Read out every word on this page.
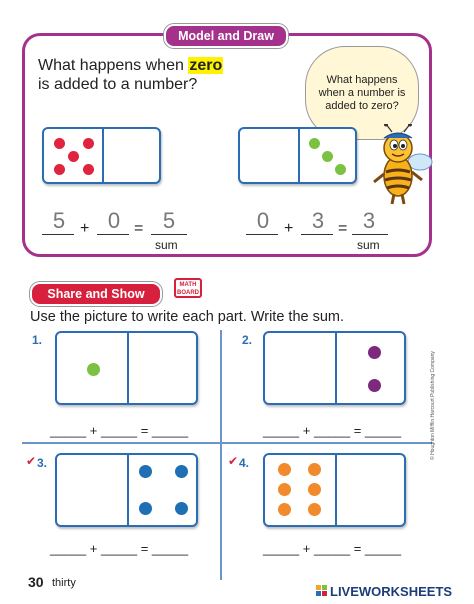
Model and Draw
What happens when zero
is added to a number?	What happens when a number is added to zero?
5 + 0 = 5
sum
0 + 3 = 3
sum
Share and Show
MATH BOARD
Use the picture to write each part. Write the sum.
1.
_____ + _____ = _____
2.
_____ + _____ = _____
✔ 3.
_____ + _____ = _____
✔ 4.
_____ + _____ = _____
© Houghton Mifflin Harcourt Publishing Company
30 thirty
LIVEWORKSHEETS
